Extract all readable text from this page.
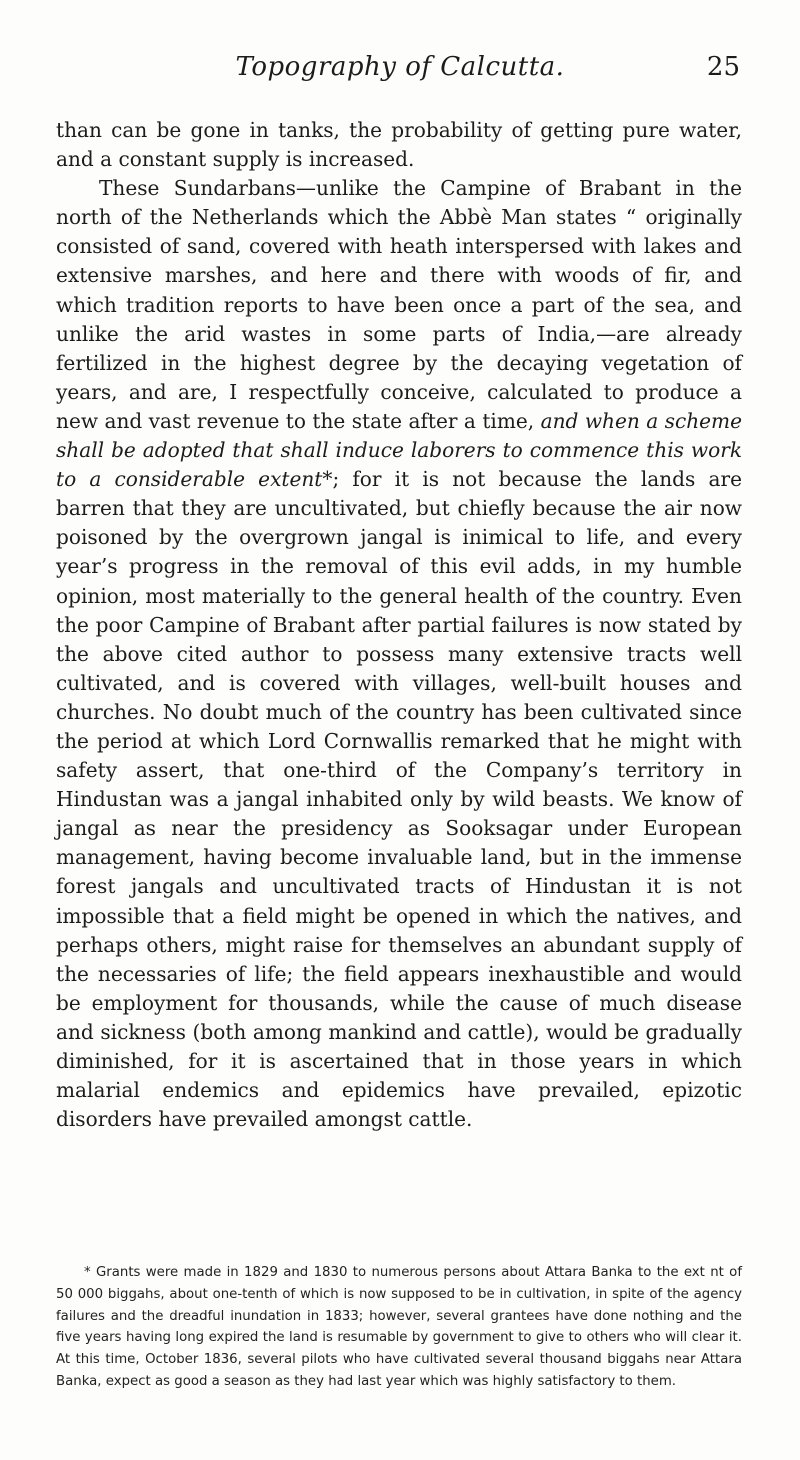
Topography of Calcutta.	25

than can be gone in tanks, the probability of getting pure water, and a constant supply is increased.

These Sundarbans—unlike the Campine of Brabant in the north of the Netherlands which the Abbè Man states “ originally consisted of sand, covered with heath interspersed with lakes and extensive marshes, and here and there with woods of fir, and which tradition reports to have been once a part of the sea, and unlike the arid wastes in some parts of India,—are already fertilized in the highest degree by the decaying vegetation of years, and are, I respectfully conceive, calculated to produce a new and vast revenue to the state after a time, and when a scheme shall be adopted that shall induce laborers to commence this work to a considerable extent*; for it is not because the lands are barren that they are uncultivated, but chiefly because the air now poisoned by the overgrown jangal is inimical to life, and every year’s progress in the removal of this evil adds, in my humble opinion, most materially to the general health of the country. Even the poor Campine of Brabant after partial failures is now stated by the above cited author to possess many extensive tracts well cultivated, and is covered with villages, well-built houses and churches. No doubt much of the country has been cultivated since the period at which Lord Cornwallis remarked that he might with safety assert, that one-third of the Company’s territory in Hindustan was a jangal inhabited only by wild beasts. We know of jangal as near the presidency as Sooksagar under European management, having become invaluable land, but in the immense forest jangals and uncultivated tracts of Hindustan it is not impossible that a field might be opened in which the natives, and perhaps others, might raise for themselves an abundant supply of the necessaries of life; the field appears inexhaustible and would be employment for thousands, while the cause of much disease and sickness (both among mankind and cattle), would be gradually diminished, for it is ascertained that in those years in which malarial endemics and epidemics have prevailed, epizotic disorders have prevailed amongst cattle.

* Grants were made in 1829 and 1830 to numerous persons about Attara Banka to the ext nt of 50 000 biggahs, about one-tenth of which is now supposed to be in cultivation, in spite of the agency failures and the dreadful inundation in 1833; however, several grantees have done nothing and the five years having long expired the land is resumable by government to give to others who will clear it. At this time, October 1836, several pilots who have cultivated several thousand biggahs near Attara Banka, expect as good a season as they had last year which was highly satisfactory to them.
